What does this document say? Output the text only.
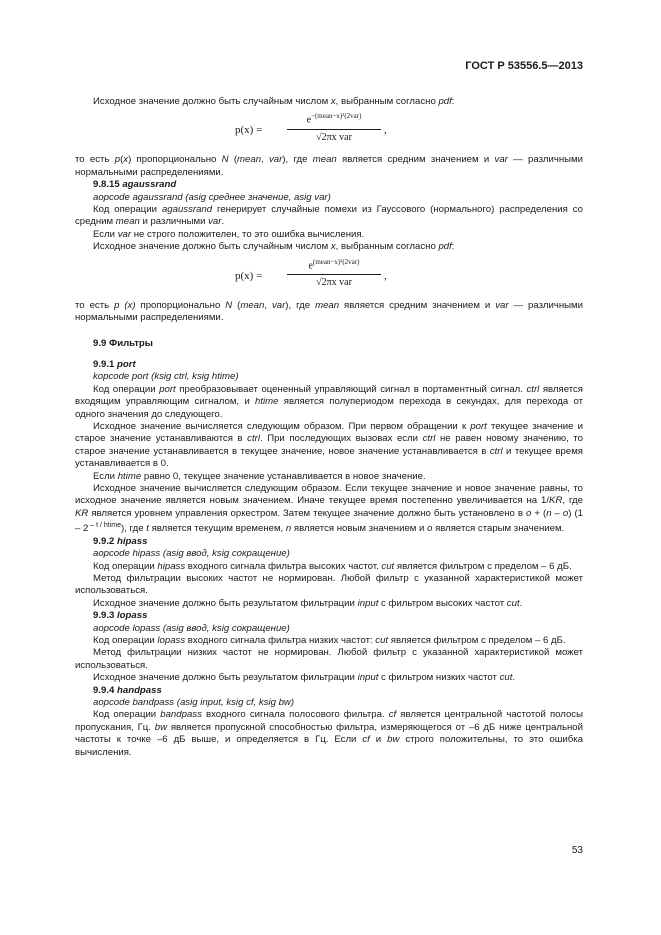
ГОСТ Р 53556.5—2013

Исходное значение должно быть случайным числом x, выбранным согласно pdf:

p(x) =
$e^{-(mean-x)^2(2var)}$
√2πx var
,

то есть p(x) пропорционально N (mean, var), где mean является средним значением и var — различными нормальными распределениями.

9.8.15 agaussrand

aopcode agaussrand (asig среднее значение, asig var)

Код операции agaussrand генерирует случайные помехи из Гауссового (нормального) распределения со средним mean и различными var.

Если var не строго положителен, то это ошибка вычисления.

Исходное значение должно быть случайным числом x, выбранным согласно pdf:

p(x) =
$e^{(mean-x)^2(2var)}$
√2πx var
,

то есть p (x) пропорционально N (mean, var), где mean является средним значением и var — различными нормальными распределениями.

9.9 Фильтры

9.9.1 port

kopcode port (ksig ctrl, ksig htime)

Код операции port преобразовывает оцененный управляющий сигнал в портаментный сигнал. ctrl является входящим управляющим сигналом, и htime является полупериодом перехода в секундах, для перехода от одного значения до следующего.

Исходное значение вычисляется следующим образом. При первом обращении к port текущее значение и старое значение устанавливаются в ctrl. При последующих вызовах если ctrl не равен новому значению, то старое значение устанавливается в текущее значение, новое значение устанавливается в ctrl и текущее время устанавливается в 0.

Если htime равно 0, текущее значение устанавливается в новое значение.

Исходное значение вычисляется следующим образом. Если текущее значение и новое значение равны, то исходное значение является новым значением. Иначе текущее время постепенно увеличивается на 1/KR, где KR является уровнем управления оркестром. Затем текущее значение должно быть установлено в o + (n – o) (1 – 2 $^{- t / htime}$), где t является текущим временем, n является новым значением и o является старым значением.

9.9.2 hipass

aopcode hipass (asig ввод, ksig сокращение)

Код операции hipass входного сигнала фильтра высоких частот. cut является фильтром с пределом – 6 дБ.

Метод фильтрации высоких частот не нормирован. Любой фильтр с указанной характеристикой может использоваться.

Исходное значение должно быть результатом фильтрации input с фильтром высоких частот cut.

9.9.3 lopass

aopcode lopass (asig ввод, ksig сокращение)

Код операции lopass входного сигнала фильтра низких частот: cut является фильтром с пределом – 6 дБ.

Метод фильтрации низких частот не нормирован. Любой фильтр с указанной характеристикой может использоваться.

Исходное значение должно быть результатом фильтрации input с фильтром низких частот cut.

9.9.4 handpass

aopcode bandpass (asig input, ksig cf, ksig bw)

Код операции bandpass входного сигнала полосового фильтра. cf является центральной частотой полосы пропускания, Гц. bw является пропускной способностью фильтра, измеряющегося от –6 дБ ниже центральной частоты к точке –6 дБ выше, и определяется в Гц. Если cf и bw строго положительны, то это ошибка вычисления.

53
